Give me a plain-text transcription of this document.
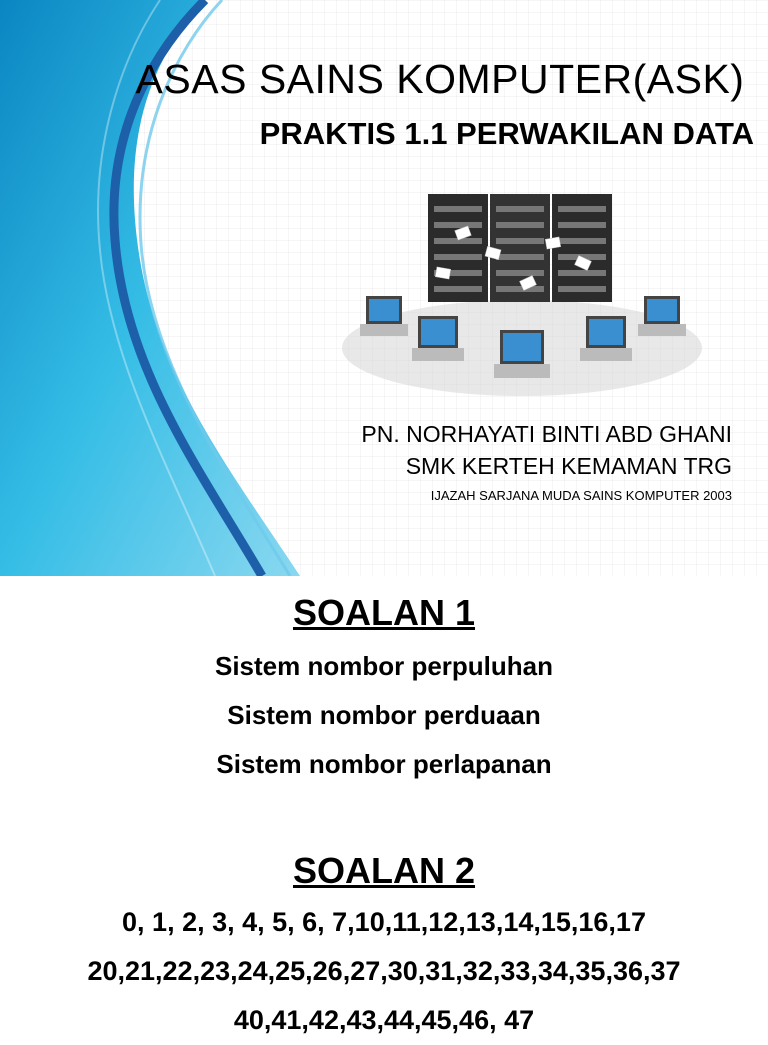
ASAS SAINS KOMPUTER(ASK)
PRAKTIS 1.1 PERWAKILAN DATA
PN. NORHAYATI BINTI ABD GHANI
SMK KERTEH KEMAMAN TRG
IJAZAH SARJANA MUDA SAINS KOMPUTER 2003
SOALAN 1
Sistem nombor perpuluhan
Sistem nombor perduaan
Sistem nombor perlapanan
SOALAN 2
0, 1, 2, 3, 4, 5, 6, 7,10,11,12,13,14,15,16,17
20,21,22,23,24,25,26,27,30,31,32,33,34,35,36,37
40,41,42,43,44,45,46, 47
